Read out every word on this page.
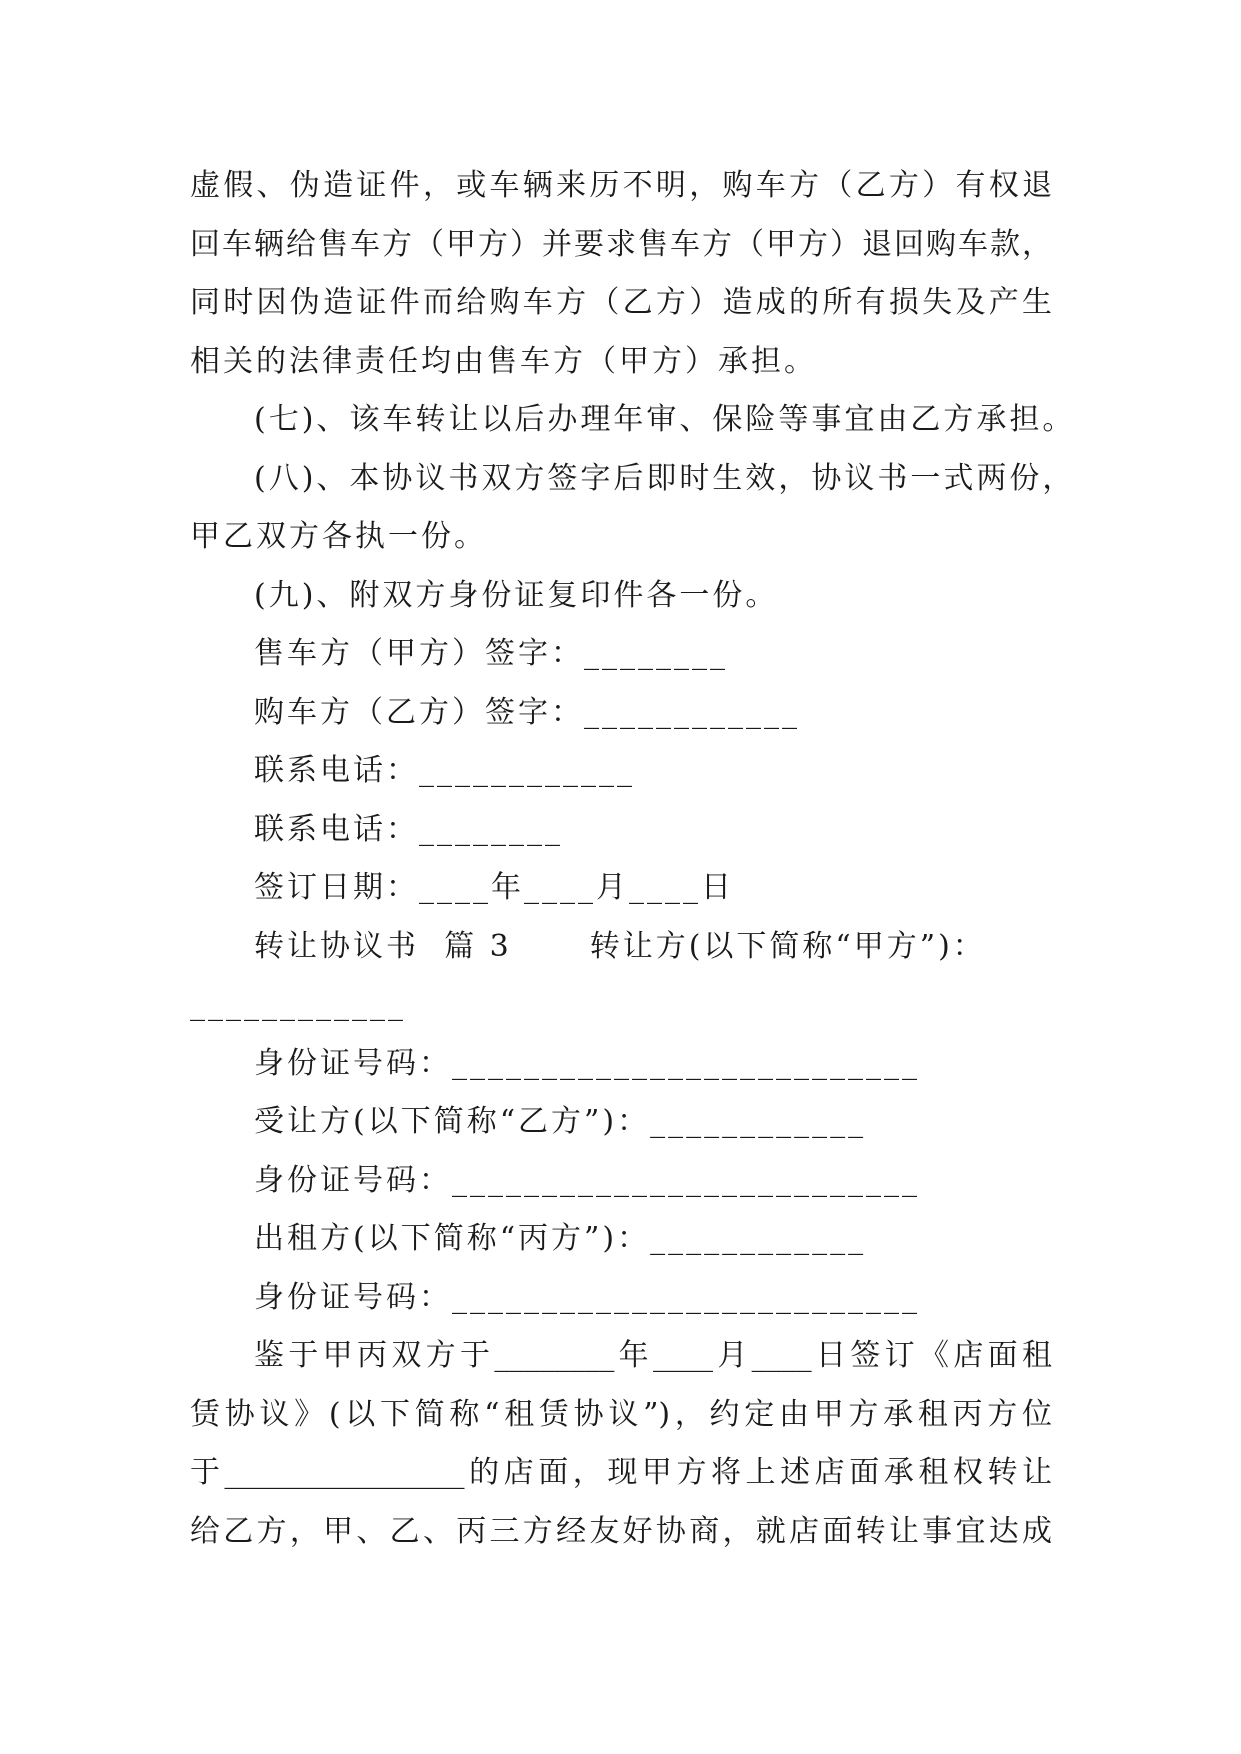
虚假、伪造证件，或车辆来历不明，购车方（乙方）有权退
回车辆给售车方（甲方）并要求售车方（甲方）退回购车款，
同时因伪造证件而给购车方（乙方）造成的所有损失及产生
相关的法律责任均由售车方（甲方）承担。
(七)、该车转让以后办理年审、保险等事宜由乙方承担。
(八)、本协议书双方签字后即时生效，协议书一式两份，
甲乙双方各执一份。
(九)、附双方身份证复印件各一份。
售车方（甲方）签字：________
购车方（乙方）签字：____________
联系电话：____________
联系电话：________
签订日期：____年____月____日
转让协议书  篇 3	转让方(以下简称“甲方”)：
____________
身份证号码：__________________________
受让方(以下简称“乙方”)：____________
身份证号码：__________________________
出租方(以下简称“丙方”)：____________
身份证号码：__________________________
鉴于甲丙双方于________年____月____日签订《店面租
赁协议》(以下简称“租赁协议”)，约定由甲方承租丙方位
于________________的店面，现甲方将上述店面承租权转让
给乙方，甲、乙、丙三方经友好协商，就店面转让事宜达成
